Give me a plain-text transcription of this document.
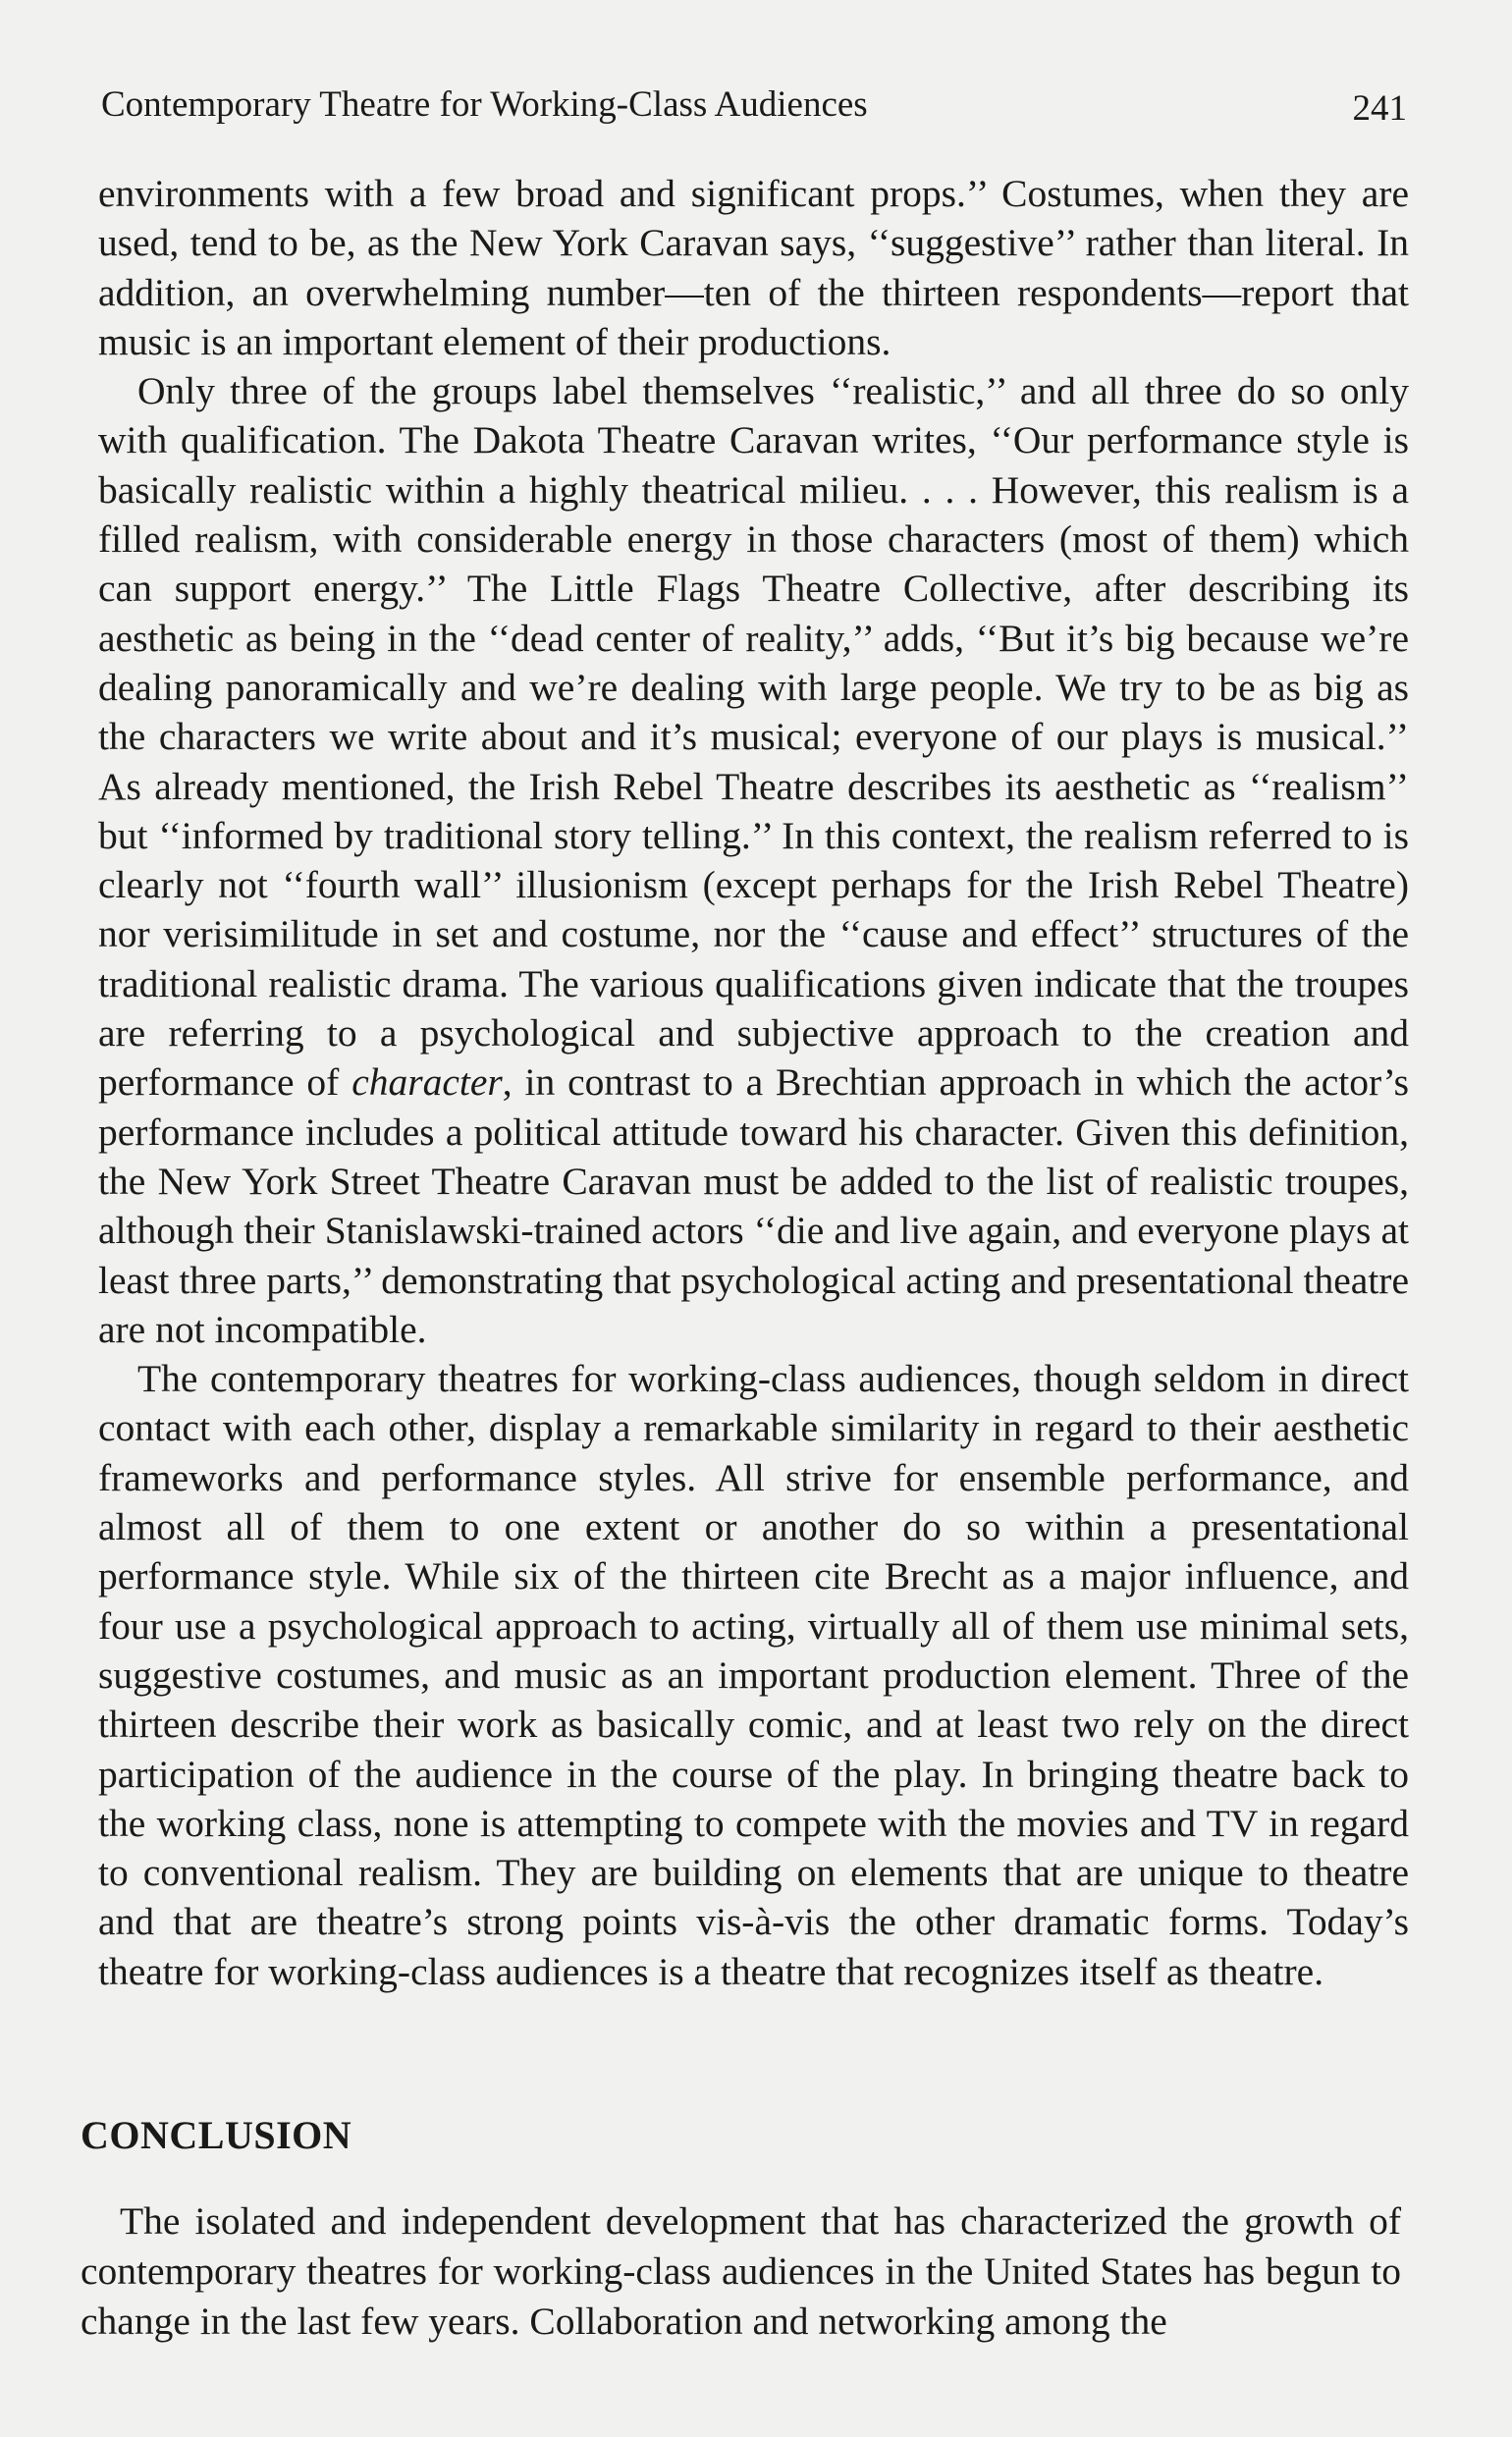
Contemporary Theatre for Working-Class Audiences	241

environments with a few broad and significant props.’’ Costumes, when they are used, tend to be, as the New York Caravan says, ‘‘suggestive’’ rather than literal. In addition, an overwhelming number—ten of the thirteen respondents—report that music is an important element of their productions.

Only three of the groups label themselves ‘‘realistic,’’ and all three do so only with qualification. The Dakota Theatre Caravan writes, ‘‘Our performance style is basically realistic within a highly theatrical milieu. . . . However, this realism is a filled realism, with considerable energy in those characters (most of them) which can support energy.’’ The Little Flags Theatre Collective, after describing its aesthetic as being in the ‘‘dead center of reality,’’ adds, ‘‘But it’s big because we’re dealing panoramically and we’re dealing with large people. We try to be as big as the characters we write about and it’s musical; everyone of our plays is musical.’’ As already mentioned, the Irish Rebel Theatre describes its aesthetic as ‘‘realism’’ but ‘‘informed by traditional story telling.’’ In this context, the realism referred to is clearly not ‘‘fourth wall’’ illusionism (except perhaps for the Irish Rebel Theatre) nor verisimilitude in set and costume, nor the ‘‘cause and effect’’ structures of the traditional realistic drama. The various qualifications given indicate that the troupes are referring to a psychological and subjective approach to the creation and performance of character, in contrast to a Brechtian approach in which the actor’s performance includes a political attitude toward his character. Given this definition, the New York Street Theatre Caravan must be added to the list of realistic troupes, although their Stanislawski-trained actors ‘‘die and live again, and everyone plays at least three parts,’’ demonstrating that psychological acting and presentational theatre are not incompatible.

The contemporary theatres for working-class audiences, though seldom in direct contact with each other, display a remarkable similarity in regard to their aesthetic frameworks and performance styles. All strive for ensemble performance, and almost all of them to one extent or another do so within a presentational performance style. While six of the thirteen cite Brecht as a major influence, and four use a psychological approach to acting, virtually all of them use minimal sets, suggestive costumes, and music as an important production element. Three of the thirteen describe their work as basically comic, and at least two rely on the direct participation of the audience in the course of the play. In bringing theatre back to the working class, none is attempting to compete with the movies and TV in regard to conventional realism. They are building on elements that are unique to theatre and that are theatre’s strong points vis-à-vis the other dramatic forms. Today’s theatre for working-class audiences is a theatre that recognizes itself as theatre.

CONCLUSION

The isolated and independent development that has characterized the growth of contemporary theatres for working-class audiences in the United States has begun to change in the last few years. Collaboration and networking among the
